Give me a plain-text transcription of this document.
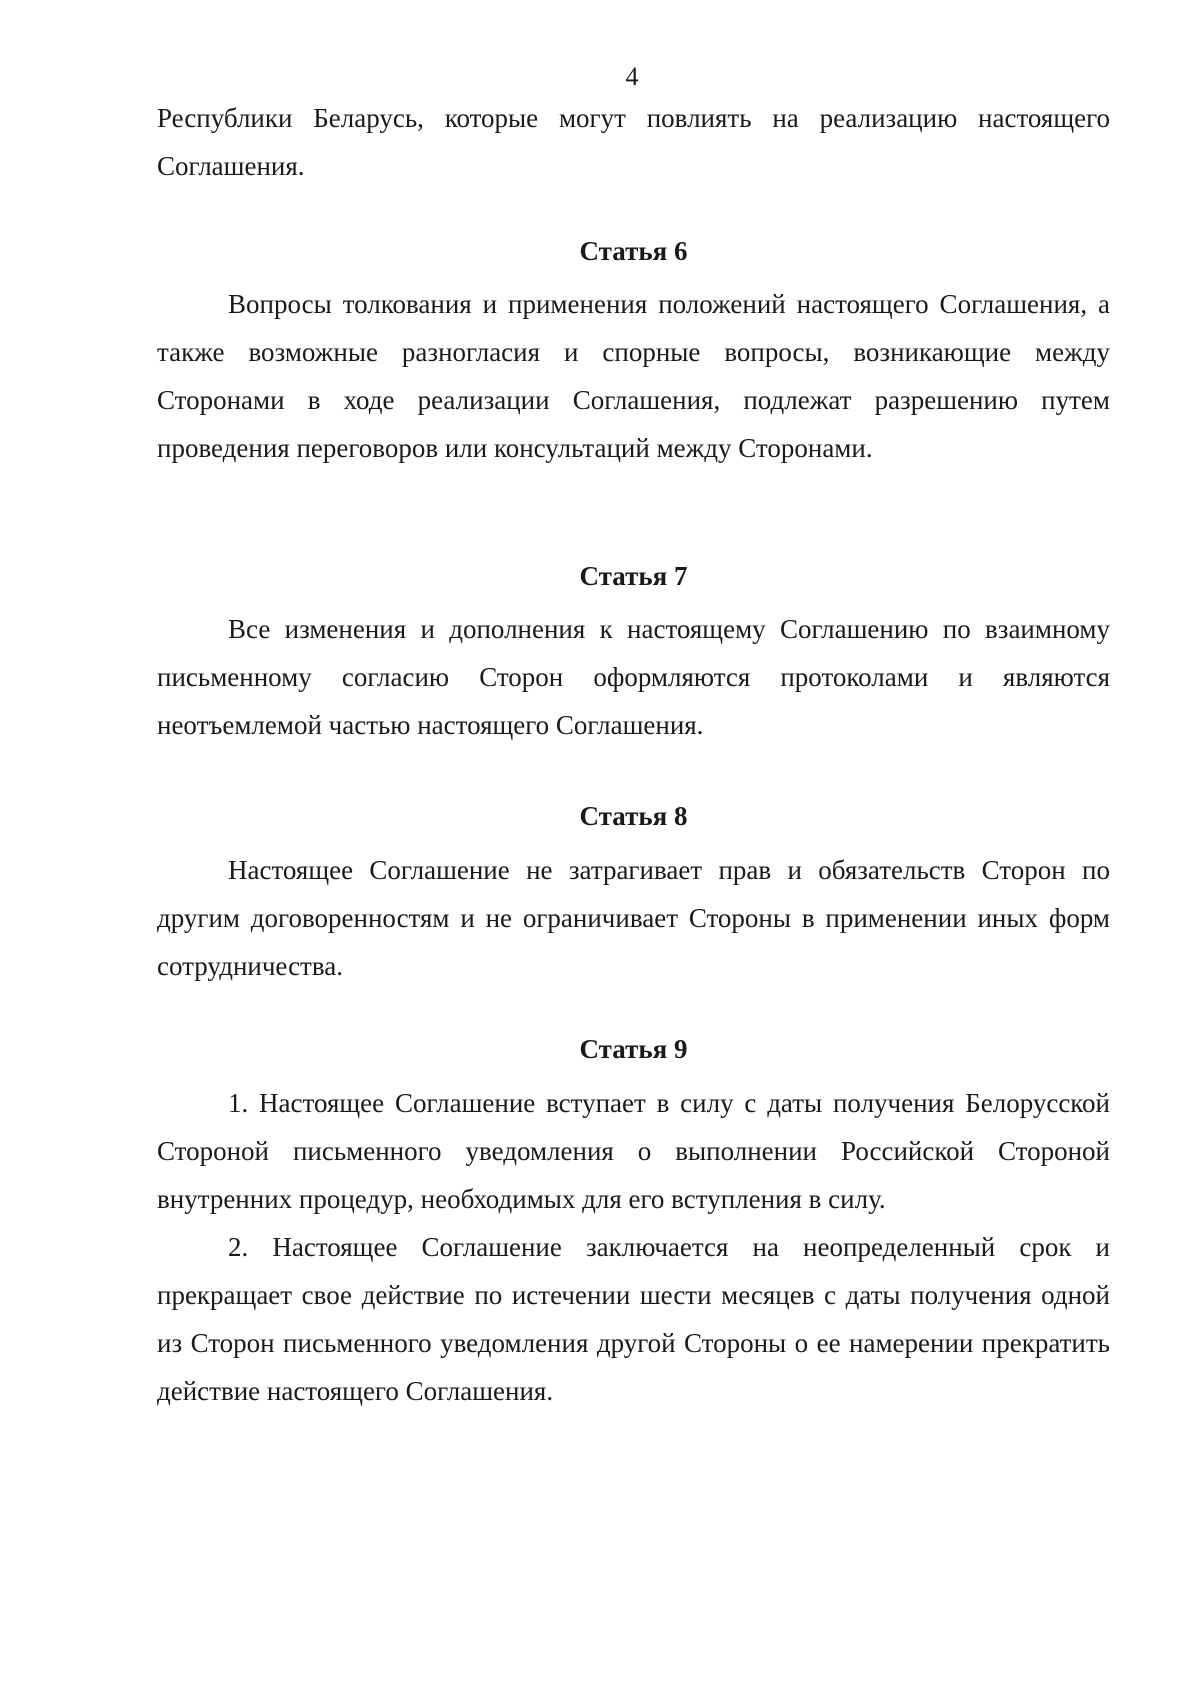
4

Республики Беларусь, которые могут повлиять на реализацию настоящего Соглашения.

Статья 6

Вопросы толкования и применения положений настоящего Соглашения, а также возможные разногласия и спорные вопросы, возникающие между Сторонами в ходе реализации Соглашения, подлежат разрешению путем проведения переговоров или консультаций между Сторонами.

Статья 7

Все изменения и дополнения к настоящему Соглашению по взаимному письменному согласию Сторон оформляются протоколами и являются неотъемлемой частью настоящего Соглашения.

Статья 8

Настоящее Соглашение не затрагивает прав и обязательств Сторон по другим договоренностям и не ограничивает Стороны в применении иных форм сотрудничества.

Статья 9

1. Настоящее Соглашение вступает в силу с даты получения Белорусской Стороной письменного уведомления о выполнении Российской Стороной внутренних процедур, необходимых для его вступления в силу.

2. Настоящее Соглашение заключается на неопределенный срок и прекращает свое действие по истечении шести месяцев с даты получения одной из Сторон письменного уведомления другой Стороны о ее намерении прекратить действие настоящего Соглашения.
